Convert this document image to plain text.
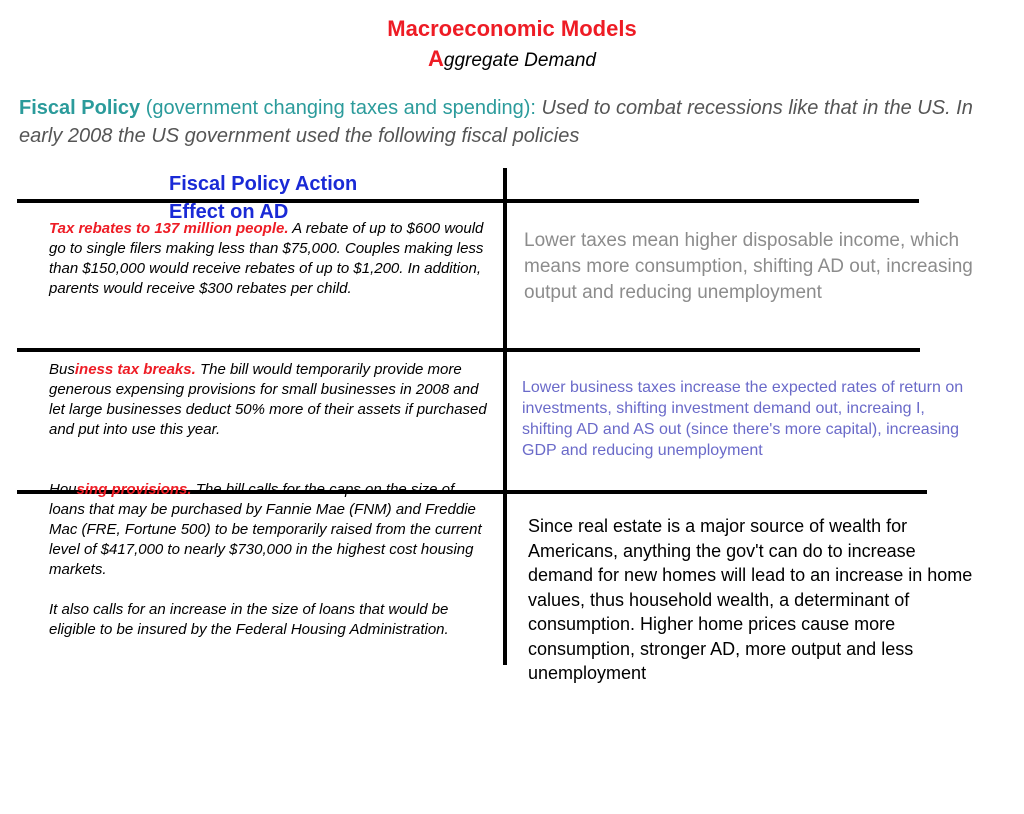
Macroeconomic Models
Aggregate Demand
Fiscal Policy (government changing taxes and spending): Used to combat recessions like that in the US. In early 2008 the US government used the following fiscal policies
Fiscal Policy Action
Effect on AD
Tax rebates to 137 million people. A rebate of up to $600 would go to single filers making less than $75,000. Couples making less than $150,000 would receive rebates of up to $1,200. In addition, parents would receive $300 rebates per child.
Lower taxes mean higher disposable income, which means more consumption, shifting AD out, increasing output and reducing unemployment
Business tax breaks. The bill would temporarily provide more generous expensing provisions for small businesses in 2008 and let large businesses deduct 50% more of their assets if purchased and put into use this year.
Lower business taxes increase the expected rates of return on investments, shifting investment demand out, increaing I, shifting AD and AS out (since there's more capital), increasing GDP and reducing unemployment
Housing provisions. The bill calls for the caps on the size of loans that may be purchased by Fannie Mae (FNM) and Freddie Mac (FRE, Fortune 500) to be temporarily raised from the current level of $417,000 to nearly $730,000 in the highest cost housing markets.

It also calls for an increase in the size of loans that would be eligible to be insured by the Federal Housing Administration.
Since real estate is a major source of wealth for Americans, anything the gov't can do to increase demand for new homes will lead to an increase in home values, thus household wealth, a determinant of consumption. Higher home prices cause more consumption, stronger AD, more output and less unemployment
